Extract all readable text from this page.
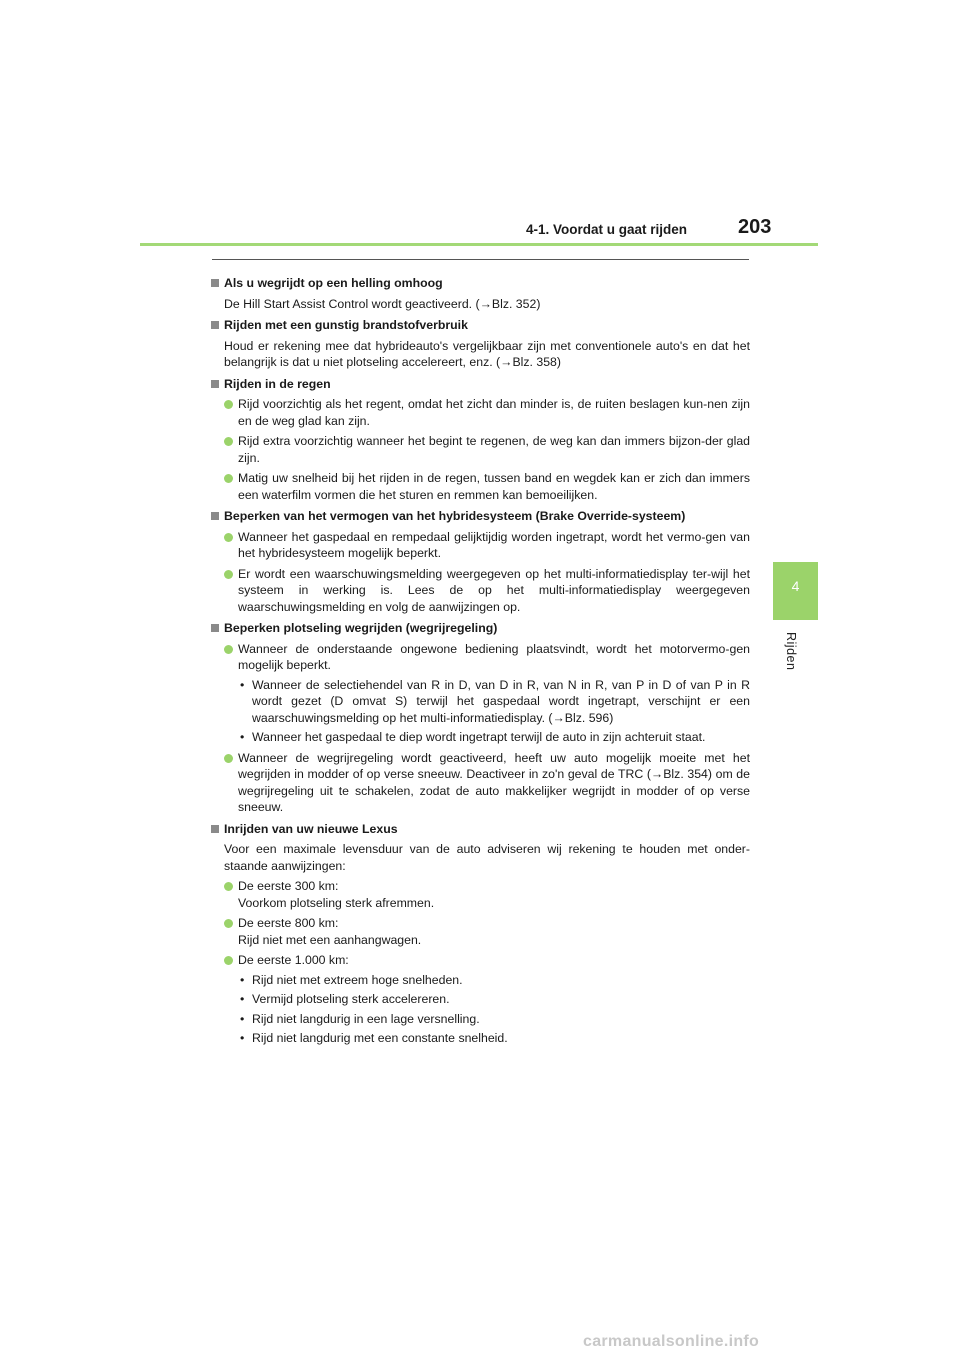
4-1. Voordat u gaat rijden	203
4
Rijden
Als u wegrijdt op een helling omhoog
De Hill Start Assist Control wordt geactiveerd. (→Blz. 352)
Rijden met een gunstig brandstofverbruik
Houd er rekening mee dat hybrideauto's vergelijkbaar zijn met conventionele auto's en dat het belangrijk is dat u niet plotseling accelereert, enz. (→Blz. 358)
Rijden in de regen
Rijd voorzichtig als het regent, omdat het zicht dan minder is, de ruiten beslagen kun-nen zijn en de weg glad kan zijn.
Rijd extra voorzichtig wanneer het begint te regenen, de weg kan dan immers bijzon-der glad zijn.
Matig uw snelheid bij het rijden in de regen, tussen band en wegdek kan er zich dan immers een waterfilm vormen die het sturen en remmen kan bemoeilijken.
Beperken van het vermogen van het hybridesysteem (Brake Override-systeem)
Wanneer het gaspedaal en rempedaal gelijktijdig worden ingetrapt, wordt het vermo-gen van het hybridesysteem mogelijk beperkt.
Er wordt een waarschuwingsmelding weergegeven op het multi-informatiedisplay ter-wijl het systeem in werking is. Lees de op het multi-informatiedisplay weergegeven waarschuwingsmelding en volg de aanwijzingen op.
Beperken plotseling wegrijden (wegrijregeling)
Wanneer de onderstaande ongewone bediening plaatsvindt, wordt het motorvermo-gen mogelijk beperkt.
• Wanneer de selectiehendel van R in D, van D in R, van N in R, van P in D of van P in R wordt gezet (D omvat S) terwijl het gaspedaal wordt ingetrapt, verschijnt er een waarschuwingsmelding op het multi-informatiedisplay. (→Blz. 596)
• Wanneer het gaspedaal te diep wordt ingetrapt terwijl de auto in zijn achteruit staat.
Wanneer de wegrijregeling wordt geactiveerd, heeft uw auto mogelijk moeite met het wegrijden in modder of op verse sneeuw. Deactiveer in zo'n geval de TRC (→Blz. 354) om de wegrijregeling uit te schakelen, zodat de auto makkelijker wegrijdt in modder of op verse sneeuw.
Inrijden van uw nieuwe Lexus
Voor een maximale levensduur van de auto adviseren wij rekening te houden met onder-staande aanwijzingen:
De eerste 300 km:
Voorkom plotseling sterk afremmen.
De eerste 800 km:
Rijd niet met een aanhangwagen.
De eerste 1.000 km:
• Rijd niet met extreem hoge snelheden.
• Vermijd plotseling sterk accelereren.
• Rijd niet langdurig in een lage versnelling.
• Rijd niet langdurig met een constante snelheid.
carmanualsonline.info
